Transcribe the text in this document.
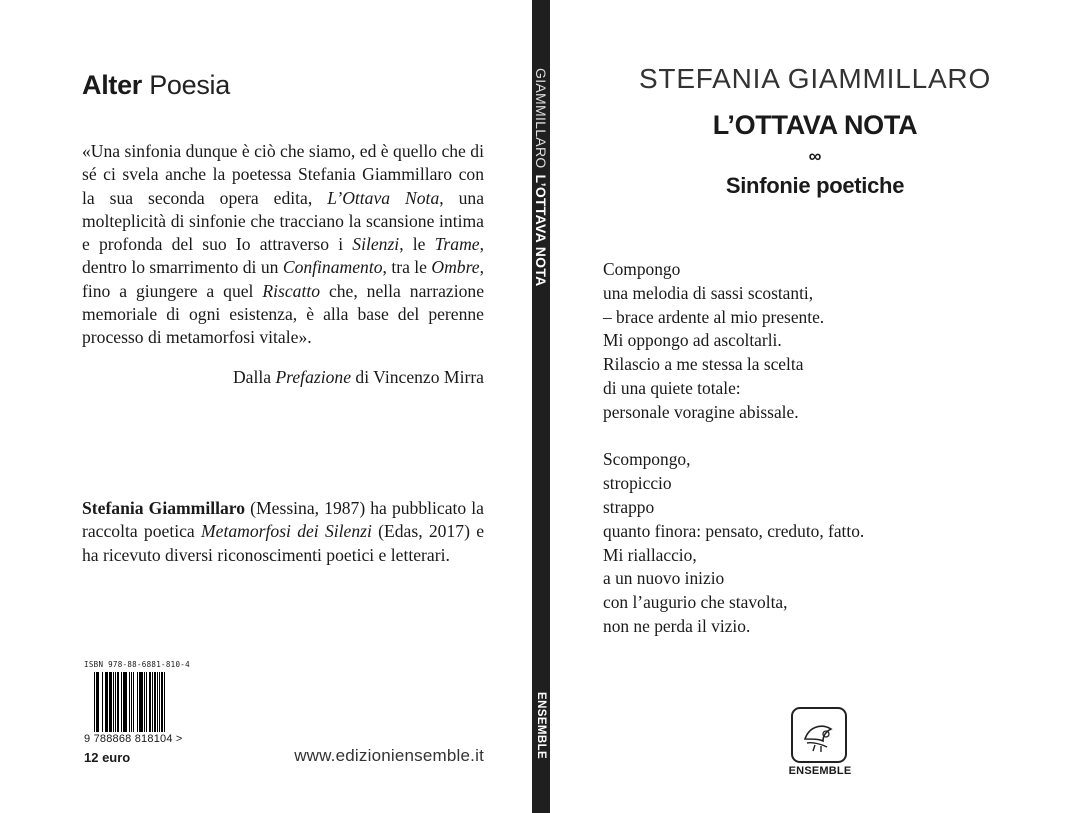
Alter Poesia

«Una sinfonia dunque è ciò che siamo, ed è quello che di sé ci svela anche la poetessa Stefania Giammillaro con la sua seconda opera edita, L’Ottava Nota, una molteplicità di sinfonie che tracciano la scansione intima e profonda del suo Io attraverso i Silenzi, le Trame, dentro lo smarrimento di un Confinamento, tra le Ombre, fino a giungere a quel Riscatto che, nella narrazione memoriale di ogni esistenza, è alla base del perenne processo di metamorfosi vitale».

Dalla Prefazione di Vincenzo Mirra
Stefania Giammillaro (Messina, 1987) ha pubblicato la raccolta poetica Metamorfosi dei Silenzi (Edas, 2017) e ha ricevuto diversi riconoscimenti poetici e letterari.
ISBN 978-88-6881-810-4
9 788868 818104 >
12 euro	www.edizioniensemble.it
GIAMMILLAROL’OTTAVA NOTA
ENSEMBLE
STEFANIA GIAMMILLARO
L’OTTAVA NOTA
∞
Sinfonie poetiche
Compongo
una melodia di sassi scostanti,
– brace ardente al mio presente.
Mi oppongo ad ascoltarli.
Rilascio a me stessa la scelta
di una quiete totale:
personale voragine abissale.
Scompongo,
stropiccio
strappo
quanto finora: pensato, creduto, fatto.
Mi riallaccio,
a un nuovo inizio
con l’augurio che stavolta,
non ne perda il vizio.
ENSEMBLE
